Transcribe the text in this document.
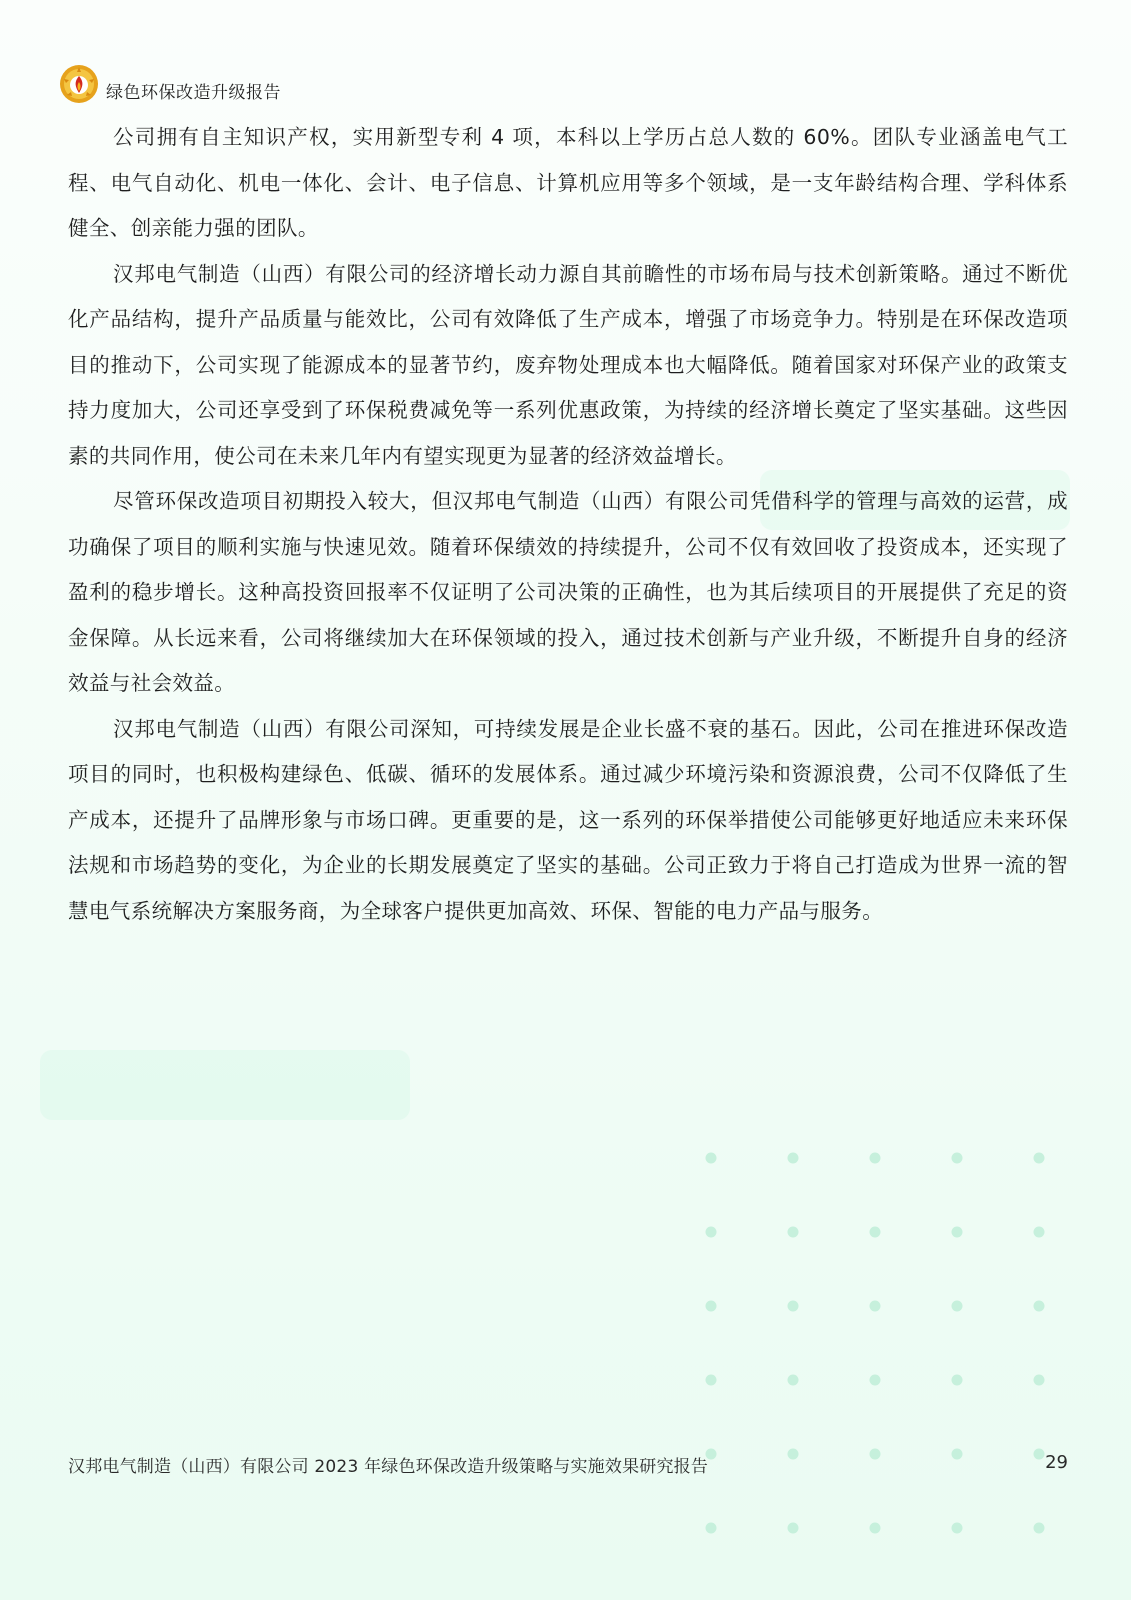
绿色环保改造升级报告

公司拥有自主知识产权，实用新型专利 4 项，本科以上学历占总人数的 60%。团队专业涵盖电气工程、电气自动化、机电一体化、会计、电子信息、计算机应用等多个领域，是一支年龄结构合理、学科体系健全、创亲能力强的团队。

汉邦电气制造（山西）有限公司的经济增长动力源自其前瞻性的市场布局与技术创新策略。通过不断优化产品结构，提升产品质量与能效比，公司有效降低了生产成本，增强了市场竞争力。特别是在环保改造项目的推动下，公司实现了能源成本的显著节约，废弃物处理成本也大幅降低。随着国家对环保产业的政策支持力度加大，公司还享受到了环保税费减免等一系列优惠政策，为持续的经济增长奠定了坚实基础。这些因素的共同作用，使公司在未来几年内有望实现更为显著的经济效益增长。

尽管环保改造项目初期投入较大，但汉邦电气制造（山西）有限公司凭借科学的管理与高效的运营，成功确保了项目的顺利实施与快速见效。随着环保绩效的持续提升，公司不仅有效回收了投资成本，还实现了盈利的稳步增长。这种高投资回报率不仅证明了公司决策的正确性，也为其后续项目的开展提供了充足的资金保障。从长远来看，公司将继续加大在环保领域的投入，通过技术创新与产业升级，不断提升自身的经济效益与社会效益。

汉邦电气制造（山西）有限公司深知，可持续发展是企业长盛不衰的基石。因此，公司在推进环保改造项目的同时，也积极构建绿色、低碳、循环的发展体系。通过减少环境污染和资源浪费，公司不仅降低了生产成本，还提升了品牌形象与市场口碑。更重要的是，这一系列的环保举措使公司能够更好地适应未来环保法规和市场趋势的变化，为企业的长期发展奠定了坚实的基础。公司正致力于将自己打造成为世界一流的智慧电气系统解决方案服务商，为全球客户提供更加高效、环保、智能的电力产品与服务。

汉邦电气制造（山西）有限公司 2023 年绿色环保改造升级策略与实施效果研究报告	29
